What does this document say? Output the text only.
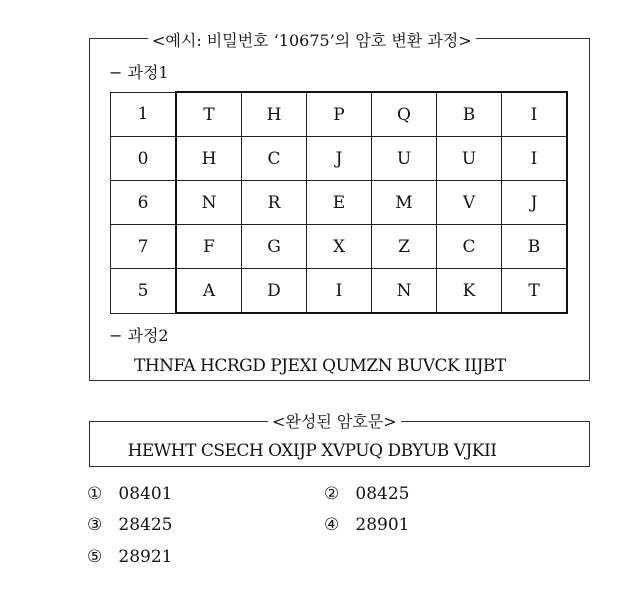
<예시: 비밀번호 ‘10675’의 암호 변환 과정>
− 과정1
1	T	H	P	Q	B	I
0	H	C	J	U	U	I
6	N	R	E	M	V	J
7	F	G	X	Z	C	B
5	A	D	I	N	K	T
− 과정2
THNFA HCRGD PJEXI QUMZN BUVCK IIJBT
<완성된 암호문>
HEWHT CSECH OXIJP XVPUQ DBYUB VJKII
① 08401	② 08425
③ 28425	④ 28901
⑤ 28921
